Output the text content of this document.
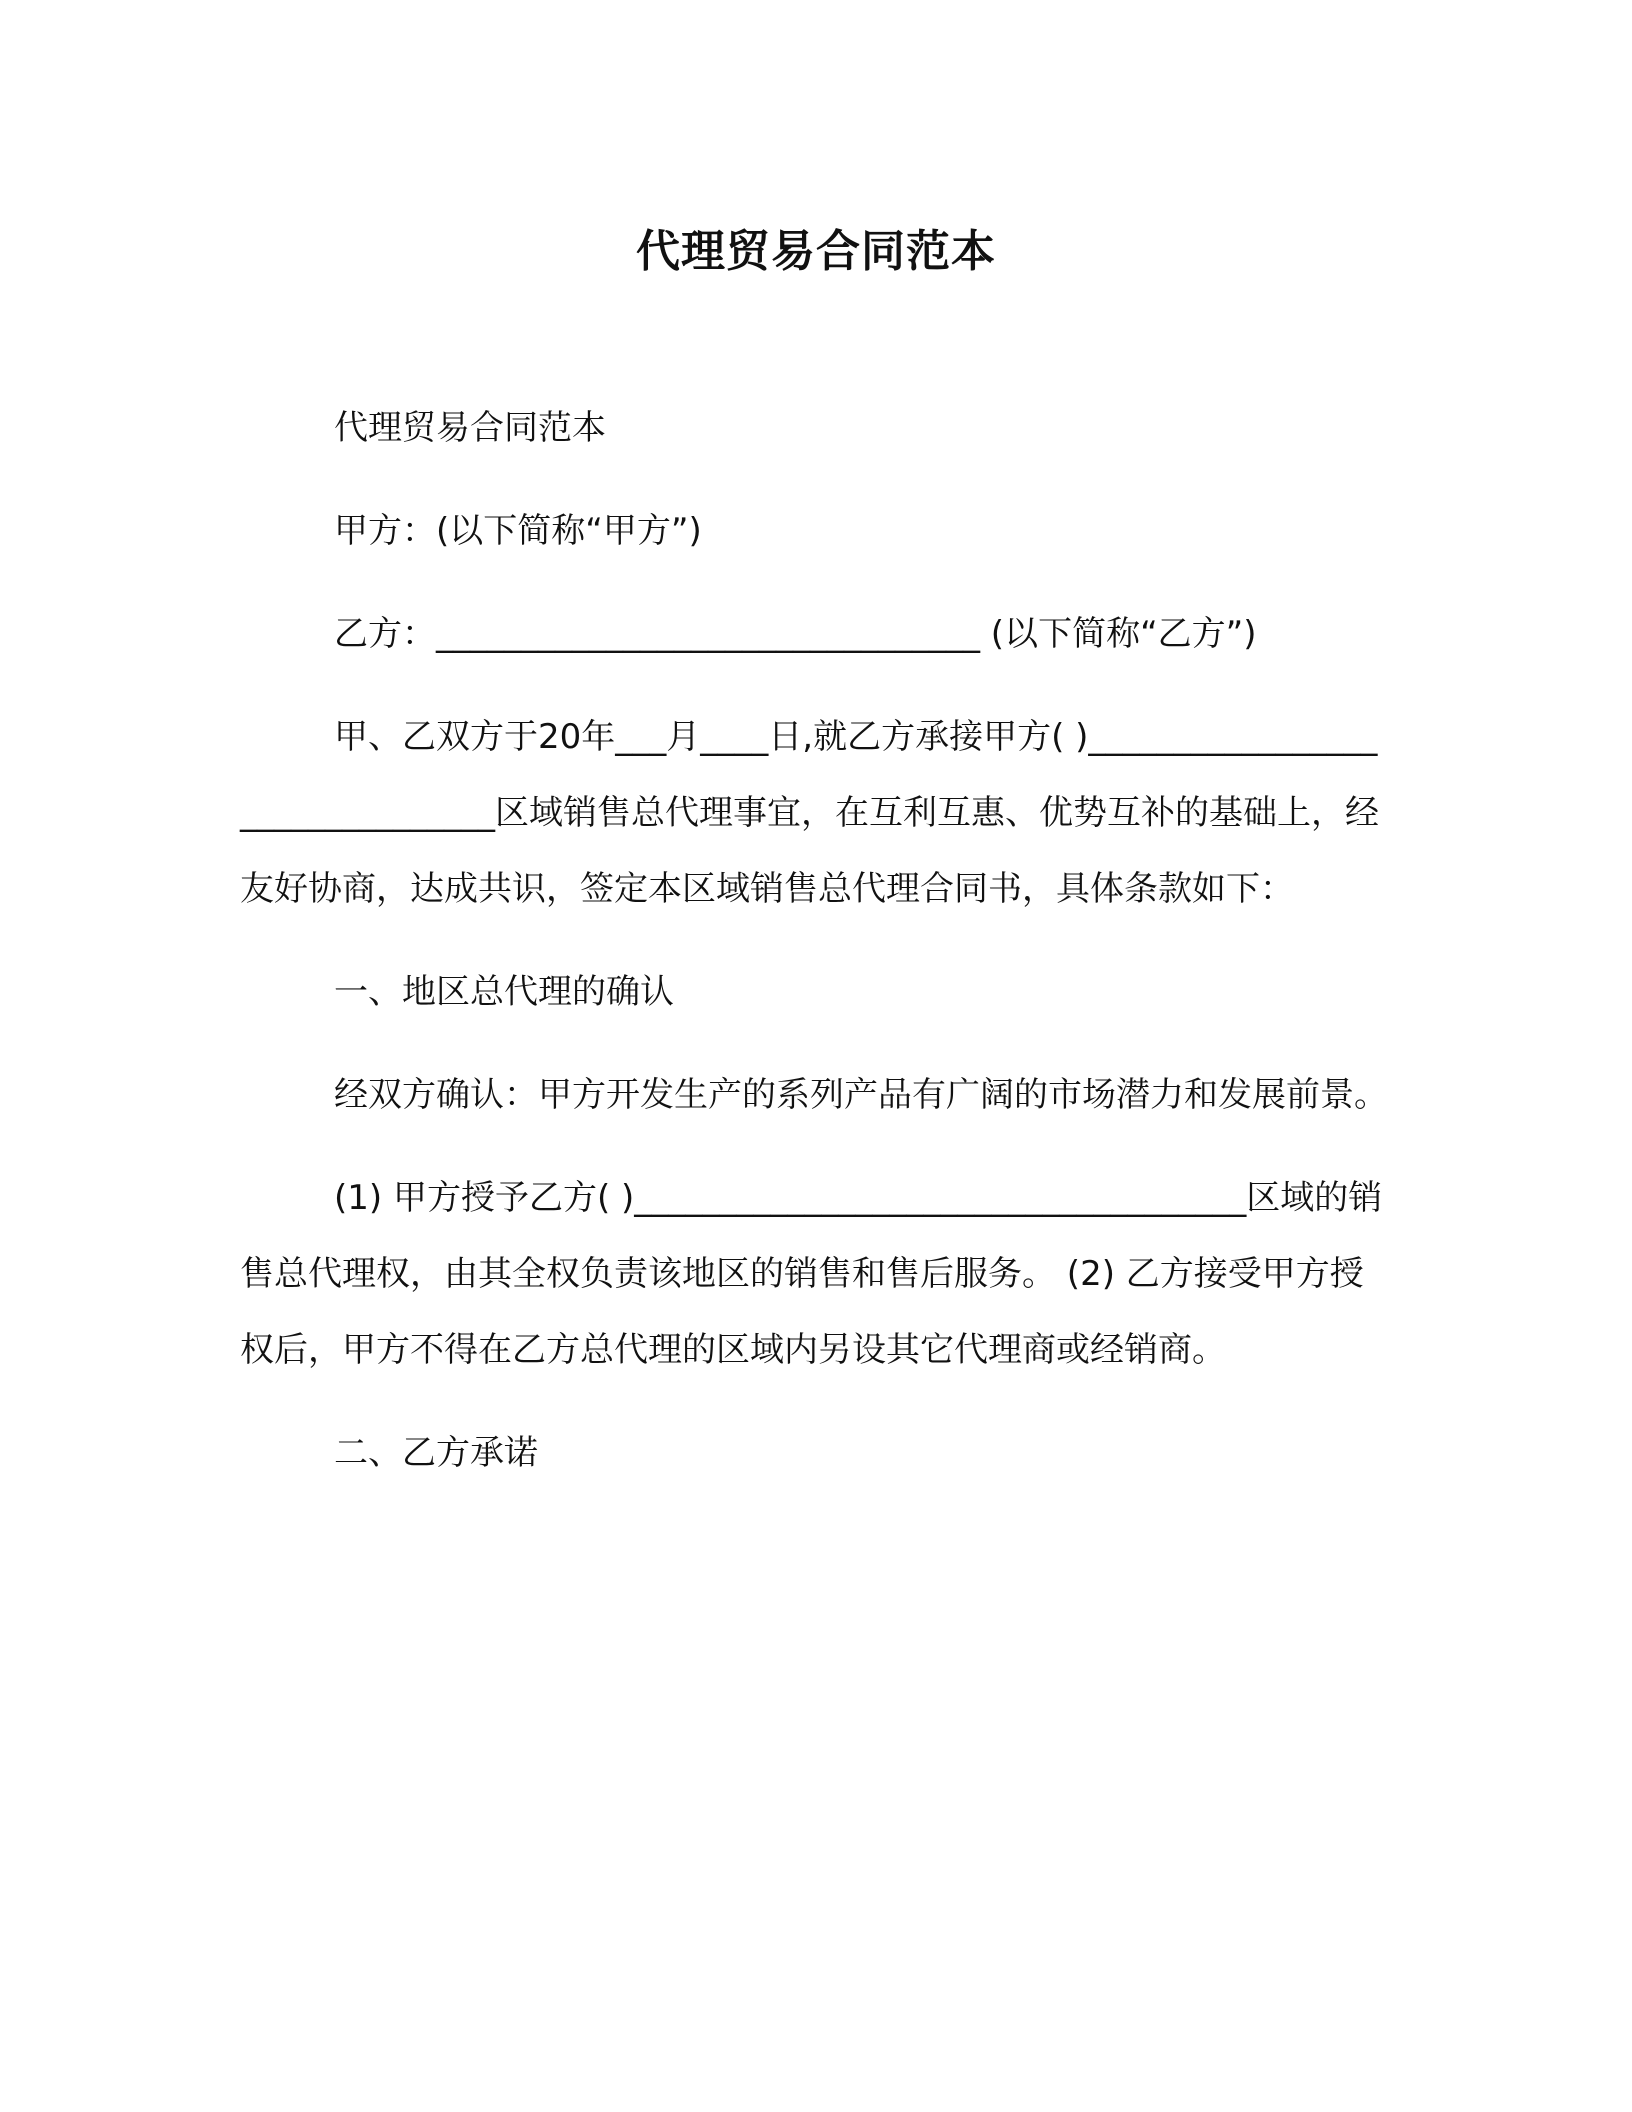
代理贸易合同范本

代理贸易合同范本

甲方：(以下简称“甲方”)

乙方：________________________________ (以下简称“乙方”)

甲、乙双方于20年___月____日,就乙方承接甲方( )________________________________区域销售总代理事宜，在互利互惠、优势互补的基础上，经友好协商，达成共识，签定本区域销售总代理合同书，具体条款如下：

一、地区总代理的确认

经双方确认：甲方开发生产的系列产品有广阔的市场潜力和发展前景。

(1) 甲方授予乙方( )____________________________________区域的销售总代理权，由其全权负责该地区的销售和售后服务。 (2) 乙方接受甲方授权后，甲方不得在乙方总代理的区域内另设其它代理商或经销商。

二、乙方承诺
